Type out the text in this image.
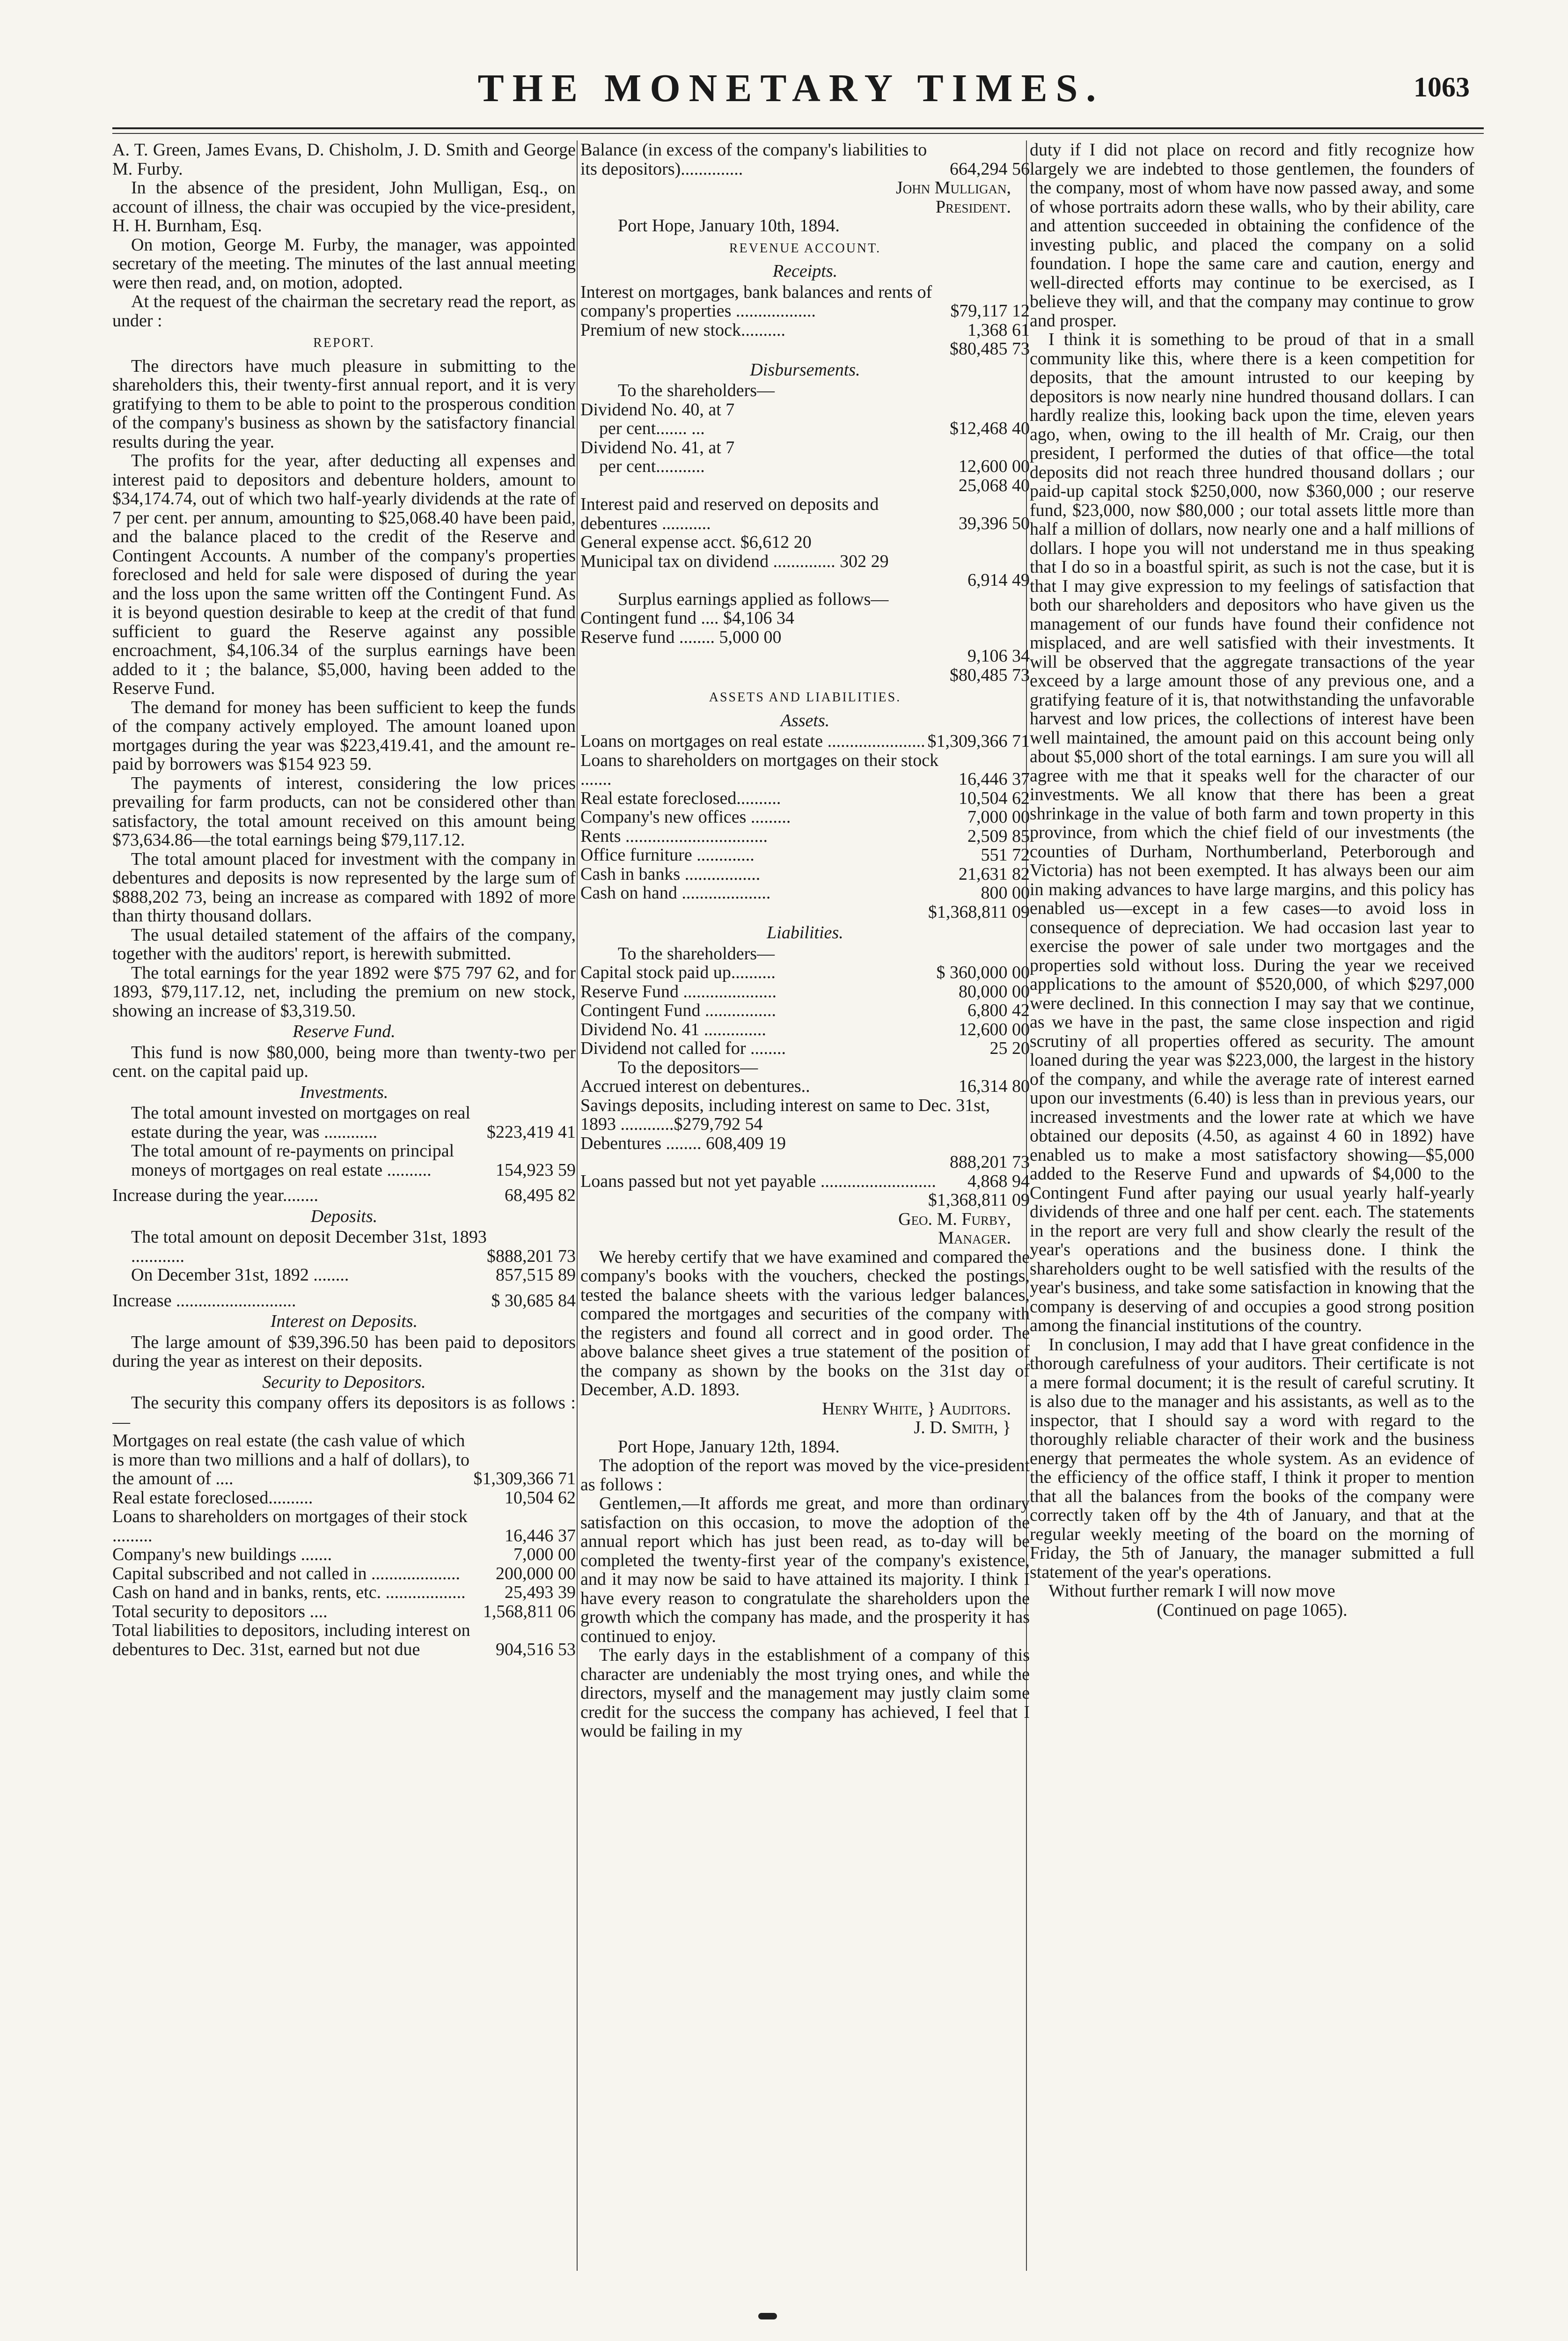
THE MONETARY TIMES.	1063

A. T. Green, James Evans, D. Chisholm, J. D. Smith and George M. Furby.

In the absence of the president, John Mulligan, Esq., on account of illness, the chair was occupied by the vice-president, H. H. Burnham, Esq.

On motion, George M. Furby, the manager, was appointed secretary of the meeting. The minutes of the last annual meeting were then read, and, on motion, adopted.

At the request of the chairman the secretary read the report, as under :

REPORT.

The directors have much pleasure in submitting to the shareholders this, their twenty-first annual report, and it is very gratifying to them to be able to point to the prosperous condition of the company's business as shown by the satisfactory financial results during the year.

The profits for the year, after deducting all expenses and interest paid to depositors and debenture holders, amount to $34,174.74, out of which two half-yearly dividends at the rate of 7 per cent. per annum, amounting to $25,068.40 have been paid, and the balance placed to the credit of the Reserve and Contingent Accounts. A number of the company's properties foreclosed and held for sale were disposed of during the year and the loss upon the same written off the Contingent Fund. As it is beyond question desirable to keep at the credit of that fund sufficient to guard the Reserve against any possible encroachment, $4,106.34 of the surplus earnings have been added to it ; the balance, $5,000, having been added to the Reserve Fund.

The demand for money has been sufficient to keep the funds of the company actively employed. The amount loaned upon mortgages during the year was $223,419.41, and the amount re-paid by borrowers was $154 923 59.

The payments of interest, considering the low prices prevailing for farm products, can not be considered other than satisfactory, the total amount received on this amount being $73,634.86—the total earnings being $79,117.12.

The total amount placed for investment with the company in debentures and deposits is now represented by the large sum of $888,202 73, being an increase as compared with 1892 of more than thirty thousand dollars.

The usual detailed statement of the affairs of the company, together with the auditors' report, is herewith submitted.

The total earnings for the year 1892 were $75 797 62, and for 1893, $79,117.12, net, including the premium on new stock, showing an increase of $3,319.50.

Reserve Fund.

This fund is now $80,000, being more than twenty-two per cent. on the capital paid up.

Investments.
The total amount invested on mortgages on real estate during the year, was ............	$223,419 41
The total amount of re-payments on principal moneys of mortgages on real estate ..........	154,923 59
Increase during the year........	68,495 82
Deposits.
The total amount on deposit December 31st, 1893 ............	$888,201 73
On December 31st, 1892 ........	857,515 89
Increase ...........................	$ 30,685 84
Interest on Deposits.

The large amount of $39,396.50 has been paid to depositors during the year as interest on their deposits.

Security to Depositors.

The security this company offers its depositors is as follows :—

Mortgages on real estate (the cash value of which is more than two millions and a half of dollars), to the amount of ....	$1,309,366 71
Real estate foreclosed..........	10,504 62
Loans to shareholders on mortgages of their stock .........	16,446 37
Company's new buildings .......	7,000 00
Capital subscribed and not called in ....................	200,000 00
Cash on hand and in banks, rents, etc. ..................	25,493 39
Total security to depositors ....	1,568,811 06
Total liabilities to depositors, including interest on debentures to Dec. 31st, earned but not due	904,516 53
Balance (in excess of the company's liabilities to its depositors)..............	664,294 56
John Mulligan,
President.

Port Hope, January 10th, 1894.

REVENUE ACCOUNT.
Receipts.
Interest on mortgages, bank balances and rents of company's properties ..................	$79,117 12
Premium of new stock..........	1,368 61
$80,485 73
Disbursements.

To the shareholders—

Dividend No. 40, at 7

per cent....... ...	$12,468 40

Dividend No. 41, at 7

per cent...........	12,600 00
25,068 40
Interest paid and reserved on deposits and debentures ...........	39,396 50
General expense acct. $6,612 20
Municipal tax on dividend .............. 302 29
6,914 49

Surplus earnings applied as follows—

Contingent fund .... $4,106 34
Reserve fund ........ 5,000 00
9,106 34
$80,485 73
ASSETS AND LIABILITIES.
Assets.
Loans on mortgages on real estate ...................... $1,309,366 71
Loans to shareholders on mortgages on their stock .......	16,446 37
Real estate foreclosed..........	10,504 62
Company's new offices .........	7,000 00
Rents ................................	2,509 85
Office furniture .............	551 72
Cash in banks .................	21,631 82
Cash on hand ....................	800 00
$1,368,811 09
Liabilities.

To the shareholders—

Capital stock paid up..........	$ 360,000 00
Reserve Fund .....................	80,000 00
Contingent Fund ................	6,800 42
Dividend No. 41 ..............	12,600 00
Dividend not called for ........	25 20

To the depositors—

Accrued interest on debentures..	16,314 80

Savings deposits, including interest on same to Dec. 31st,

1893 ............$279,792 54
Debentures ........ 608,409 19
888,201 73
Loans passed but not yet payable ..........................	4,868 94
$1,368,811 09
Geo. M. Furby,
Manager.

We hereby certify that we have examined and compared the company's books with the vouchers, checked the postings, tested the balance sheets with the various ledger balances, compared the mortgages and securities of the company with the registers and found all correct and in good order. The above balance sheet gives a true statement of the position of the company as shown by the books on the 31st day of December, A.D. 1893.

Henry White, } Auditors.
J. D. Smith, }

Port Hope, January 12th, 1894.

The adoption of the report was moved by the vice-president as follows :

Gentlemen,—It affords me great, and more than ordinary satisfaction on this occasion, to move the adoption of the annual report which has just been read, as to-day will be completed the twenty-first year of the company's existence, and it may now be said to have attained its majority. I think I have every reason to congratulate the shareholders upon the growth which the company has made, and the prosperity it has continued to enjoy.

The early days in the establishment of a company of this character are undeniably the most trying ones, and while the directors, myself and the management may justly claim some credit for the success the company has achieved, I feel that I would be failing in my

duty if I did not place on record and fitly recognize how largely we are indebted to those gentlemen, the founders of the company, most of whom have now passed away, and some of whose portraits adorn these walls, who by their ability, care and attention succeeded in obtaining the confidence of the investing public, and placed the company on a solid foundation. I hope the same care and caution, energy and well-directed efforts may continue to be exercised, as I believe they will, and that the company may continue to grow and prosper.

I think it is something to be proud of that in a small community like this, where there is a keen competition for deposits, that the amount intrusted to our keeping by depositors is now nearly nine hundred thousand dollars. I can hardly realize this, looking back upon the time, eleven years ago, when, owing to the ill health of Mr. Craig, our then president, I performed the duties of that office—the total deposits did not reach three hundred thousand dollars ; our paid-up capital stock $250,000, now $360,000 ; our reserve fund, $23,000, now $80,000 ; our total assets little more than half a million of dollars, now nearly one and a half millions of dollars. I hope you will not understand me in thus speaking that I do so in a boastful spirit, as such is not the case, but it is that I may give expression to my feelings of satisfaction that both our shareholders and depositors who have given us the management of our funds have found their confidence not misplaced, and are well satisfied with their investments. It will be observed that the aggregate transactions of the year exceed by a large amount those of any previous one, and a gratifying feature of it is, that notwithstanding the unfavorable harvest and low prices, the collections of interest have been well maintained, the amount paid on this account being only about $5,000 short of the total earnings. I am sure you will all agree with me that it speaks well for the character of our investments. We all know that there has been a great shrinkage in the value of both farm and town property in this province, from which the chief field of our investments (the counties of Durham, Northumberland, Peterborough and Victoria) has not been exempted. It has always been our aim in making advances to have large margins, and this policy has enabled us—except in a few cases—to avoid loss in consequence of depreciation. We had occasion last year to exercise the power of sale under two mortgages and the properties sold without loss. During the year we received applications to the amount of $520,000, of which $297,000 were declined. In this connection I may say that we continue, as we have in the past, the same close inspection and rigid scrutiny of all properties offered as security. The amount loaned during the year was $223,000, the largest in the history of the company, and while the average rate of interest earned upon our investments (6.40) is less than in previous years, our increased investments and the lower rate at which we have obtained our deposits (4.50, as against 4 60 in 1892) have enabled us to make a most satisfactory showing—$5,000 added to the Reserve Fund and upwards of $4,000 to the Contingent Fund after paying our usual yearly half-yearly dividends of three and one half per cent. each. The statements in the report are very full and show clearly the result of the year's operations and the business done. I think the shareholders ought to be well satisfied with the results of the year's business, and take some satisfaction in knowing that the company is deserving of and occupies a good strong position among the financial institutions of the country.

In conclusion, I may add that I have great confidence in the thorough carefulness of your auditors. Their certificate is not a mere formal document; it is the result of careful scrutiny. It is also due to the manager and his assistants, as well as to the inspector, that I should say a word with regard to the thoroughly reliable character of their work and the business energy that permeates the whole system. As an evidence of the efficiency of the office staff, I think it proper to mention that all the balances from the books of the company were correctly taken off by the 4th of January, and that at the regular weekly meeting of the board on the morning of Friday, the 5th of January, the manager submitted a full statement of the year's operations.

Without further remark I will now move

(Continued on page 1065).
